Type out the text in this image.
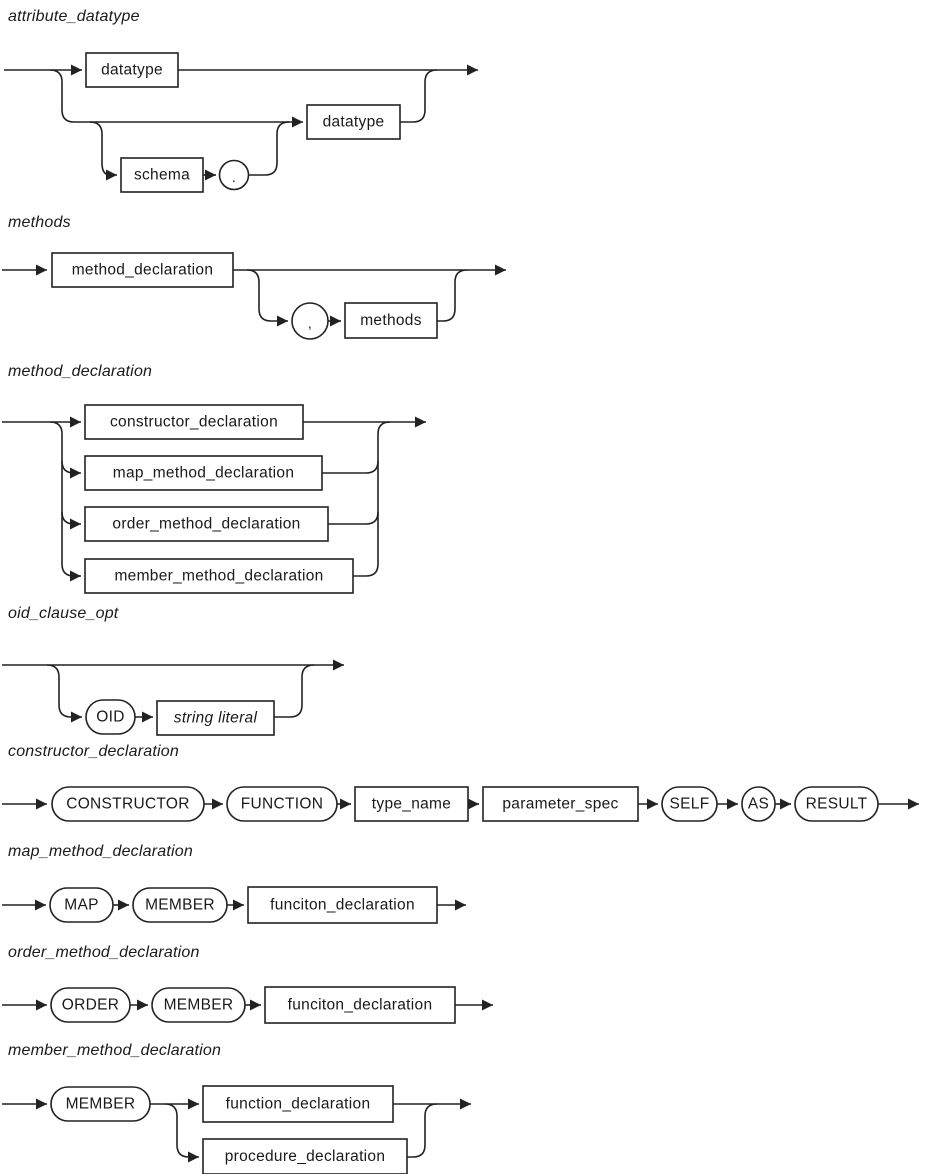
attribute_datatype
datatype
schema	.
datatype
methods
method_declaration
,	methods
method_declaration
constructor_declaration
map_method_declaration
order_method_declaration
member_method_declaration
oid_clause_opt
OID	string literal
constructor_declaration
CONSTRUCTOR	FUNCTION	type_name	parameter_spec	SELF AS RESULT
map_method_declaration
MAP	MEMBER	funciton_declaration
order_method_declaration
ORDER	MEMBER	funciton_declaration
member_method_declaration
MEMBER	function_declaration
procedure_declaration
